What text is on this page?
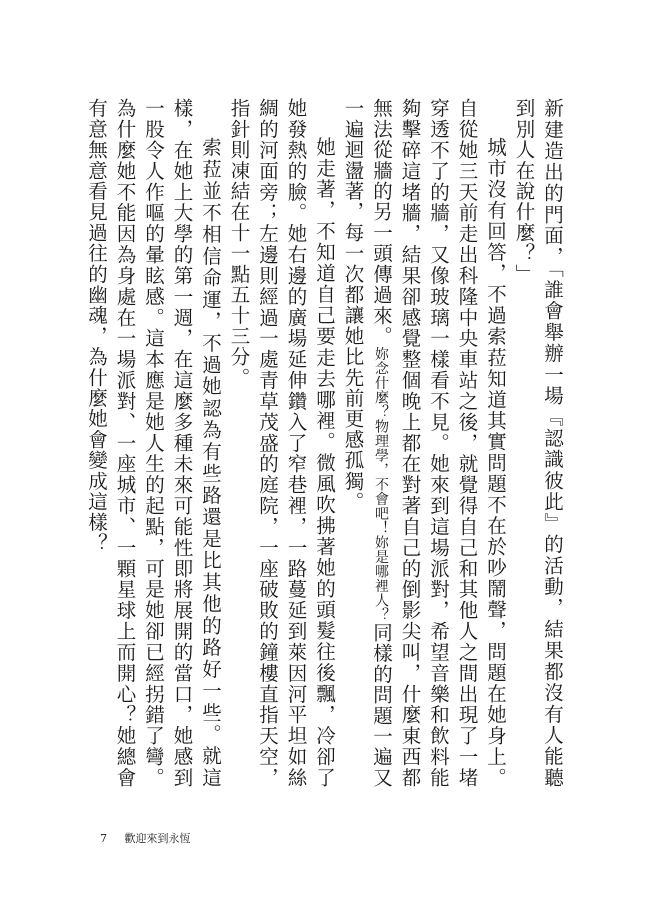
新建造出的門面，「誰會舉辦一場『認識彼此』的活動，結果都沒有人能聽到別人在說什麼？」

城市沒有回答，不過索菈知道其實問題不在於吵鬧聲，問題在她身上。自從她三天前走出科隆中央車站之後，就覺得自己和其他人之間出現了一堵穿透不了的牆，又像玻璃一樣看不見。她來到這場派對，希望音樂和飲料能夠擊碎這堵牆，結果卻感覺整個晚上都在對著自己的倒影尖叫，什麼東西都無法從牆的另一頭傳過來。妳念什麼？物理學，不會吧！妳是哪裡人？同樣的問題一遍又一遍迴盪著，每一次都讓她比先前更感孤獨。

她走著，不知道自己要走去哪裡。微風吹拂著她的頭髮往後飄，冷卻了她發熱的臉。她右邊的廣場延伸鑽入了窄巷裡，一路蔓延到萊因河平坦如絲綢的河面旁；左邊則經過一處青草茂盛的庭院，一座破敗的鐘樓直指天空，指針則凍結在十一點五十三分。

索菈並不相信命運，不過她認為有些路還是比其他的路好一些。就這樣，在她上大學的第一週，在這麼多種未來可能性即將展開的當口，她感到一股令人作嘔的暈眩感。這本應是她人生的起點，可是她卻已經拐錯了彎。為什麼她不能因為身處在一場派對、一座城市、一顆星球上而開心？她總會有意無意看見過往的幽魂，為什麼她會變成這樣？

7 歡迎來到永恆
